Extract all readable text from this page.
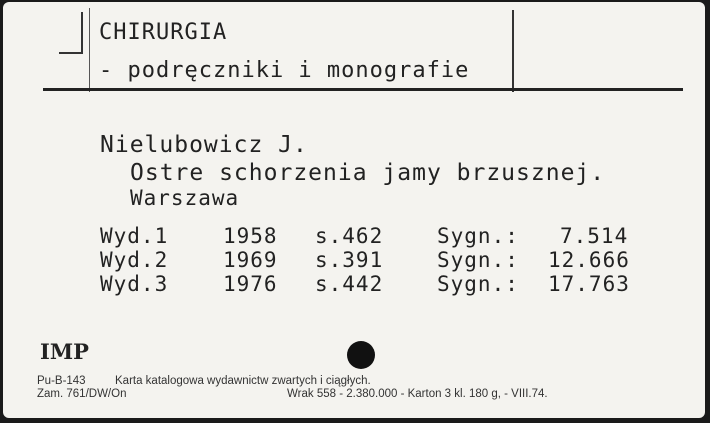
CHIRURGIA
- podręczniki i monografie
Nielubowicz J.
Ostre schorzenia jamy brzusznej.
Warszawa
Wyd.1	1958 s.462	Sygn.: 7.514
Wyd.2	1969 s.391	Sygn.: 12.666
Wyd.3	1976 s.442	Sygn.: 17.763
IMP
Pu-B-143	Karta katalogowa wydawnictw zwartych i ciągłych.
Zam. 761/DW/On	Wrak 558 - 2.380.000 - Karton 3 kl. 180 g, - VIII.74.
